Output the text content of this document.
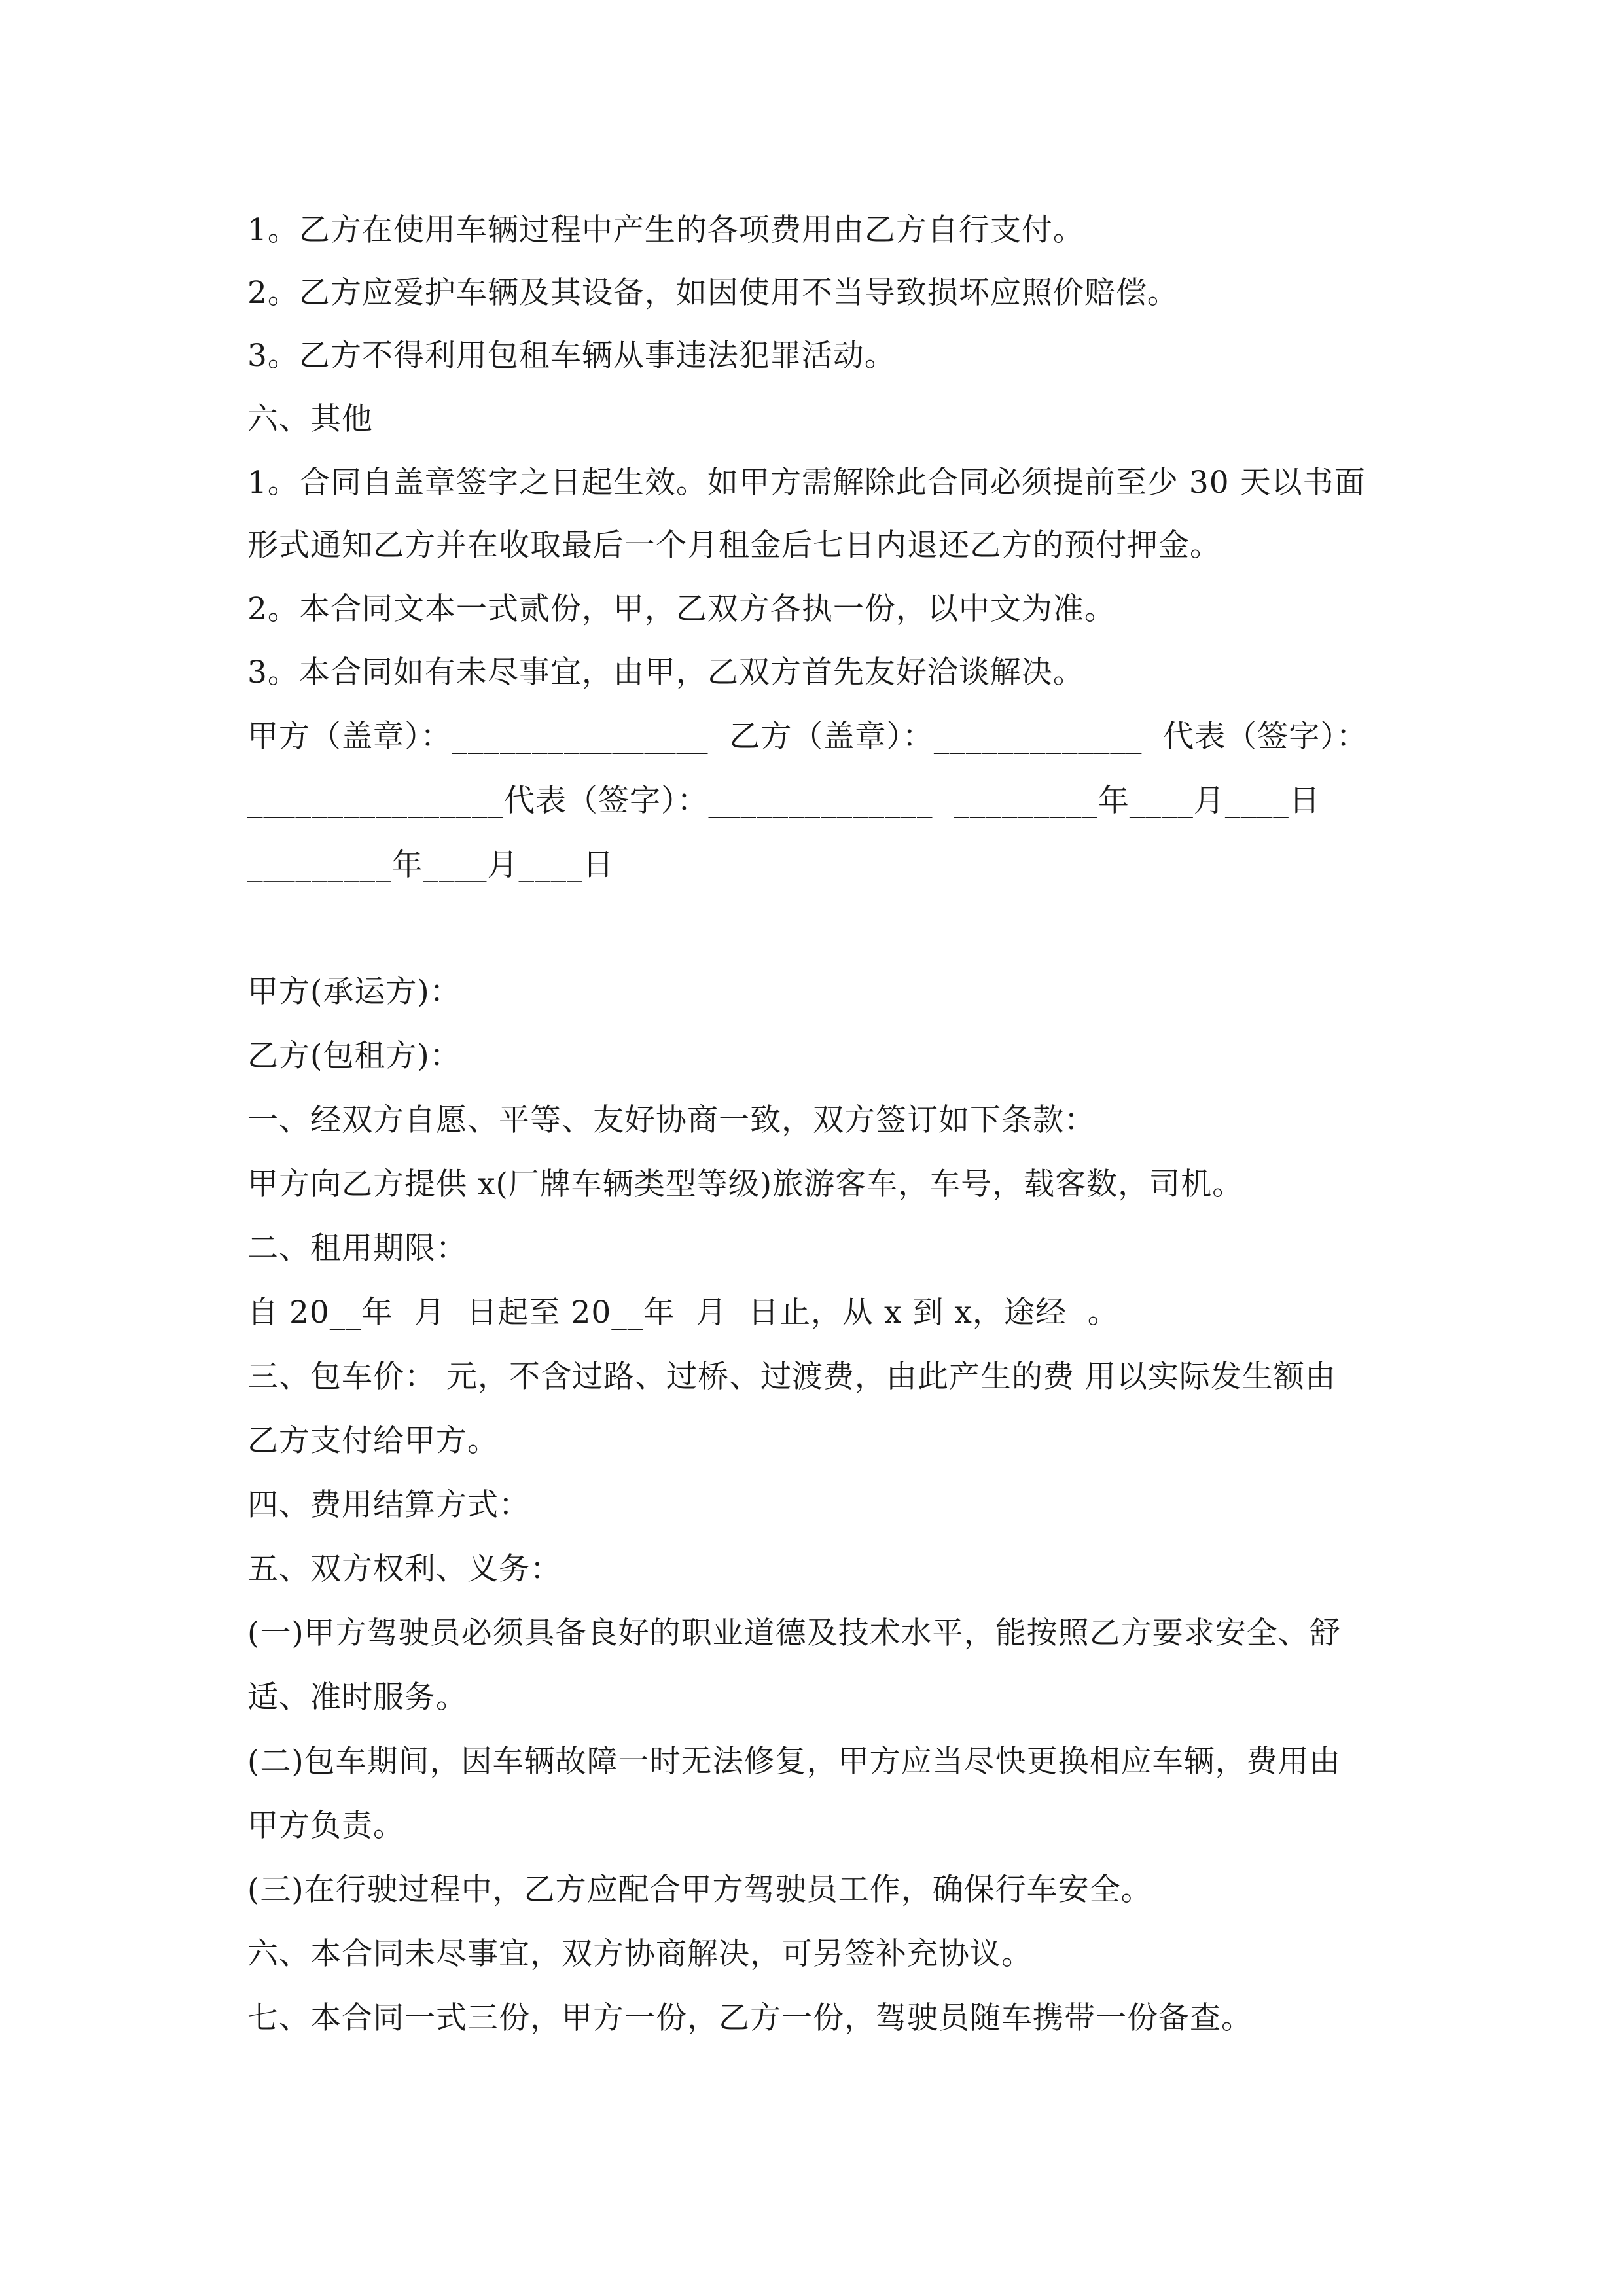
1。乙方在使用车辆过程中产生的各项费用由乙方自行支付。
2。乙方应爱护车辆及其设备，如因使用不当导致损坏应照价赔偿。
3。乙方不得利用包租车辆从事违法犯罪活动。
六、其他
1。合同自盖章签字之日起生效。如甲方需解除此合同必须提前至少 30 天以书面
形式通知乙方并在收取最后一个月租金后七日内退还乙方的预付押金。
2。本合同文本一式贰份，甲，乙双方各执一份，以中文为准。
3。本合同如有未尽事宜，由甲，乙双方首先友好洽谈解决。
甲方（盖章）：________________  乙方（盖章）：_____________  代表（签字）：
________________代表（签字）：______________  _________年____月____日
_________年____月____日
甲方(承运方)：
乙方(包租方)：
一、经双方自愿、平等、友好协商一致，双方签订如下条款：
甲方向乙方提供 x(厂牌车辆类型等级)旅游客车，车号，载客数，司机。
二、租用期限：
自 20__年  月  日起至 20__年  月  日止，从 x 到 x，途经  。
三、包车价： 元，不含过路、过桥、过渡费，由此产生的费 用以实际发生额由
乙方支付给甲方。
四、费用结算方式：
五、双方权利、义务：
(一)甲方驾驶员必须具备良好的职业道德及技术水平，能按照乙方要求安全、舒
适、准时服务。
(二)包车期间，因车辆故障一时无法修复，甲方应当尽快更换相应车辆，费用由
甲方负责。
(三)在行驶过程中，乙方应配合甲方驾驶员工作，确保行车安全。
六、本合同未尽事宜，双方协商解决，可另签补充协议。
七、本合同一式三份，甲方一份，乙方一份，驾驶员随车携带一份备查。
